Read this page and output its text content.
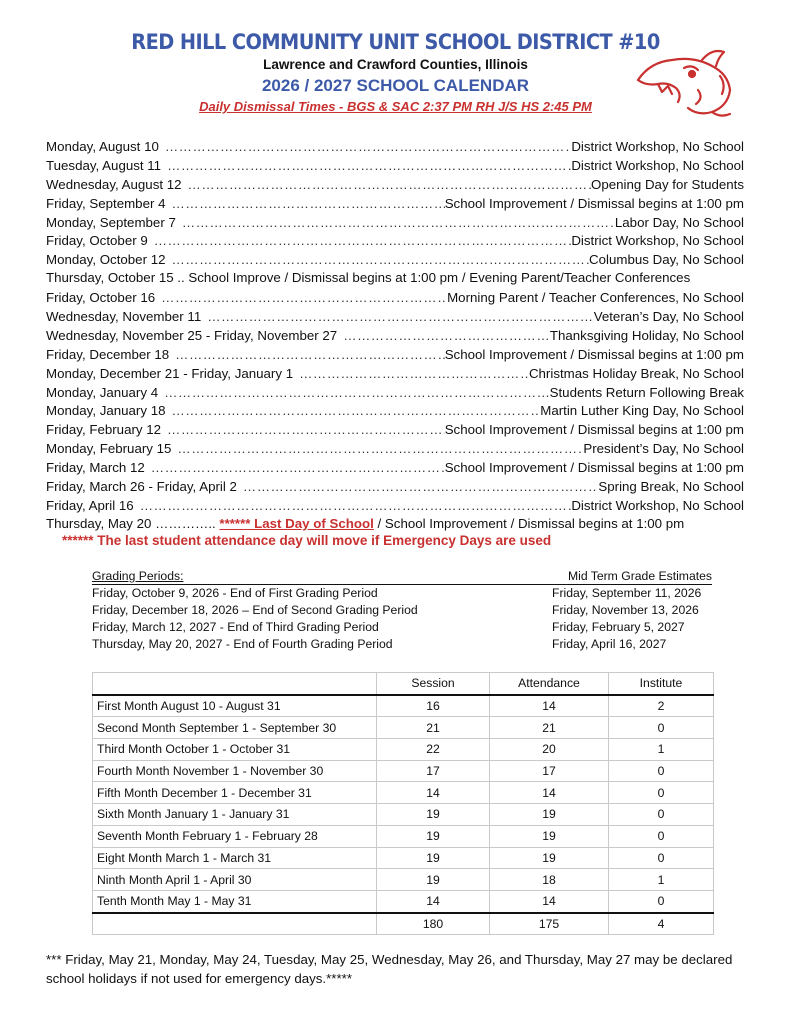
RED HILL COMMUNITY UNIT SCHOOL DISTRICT #10
Lawrence and Crawford Counties, Illinois
2026 / 2027 SCHOOL CALENDAR
Daily Dismissal Times - BGS & SAC 2:37 PM RH J/S HS 2:45 PM
Monday, August 10 ……………………………………………………………………………………………………………………………………………………	District Workshop, No School
Tuesday, August 11 ……………………………………………………………………………………………………………………………………………………	District Workshop, No School
Wednesday, August 12 ……………………………………………………………………………………………………………………………………………………	Opening Day for Students
Friday, September 4 ……………………………………………………………………………………………………………………………………………………	School Improvement / Dismissal begins at 1:00 pm
Monday, September 7 ……………………………………………………………………………………………………………………………………………………	Labor Day, No School
Friday, October 9 ……………………………………………………………………………………………………………………………………………………	District Workshop, No School
Monday, October 12 ……………………………………………………………………………………………………………………………………………………	Columbus Day, No School
Thursday, October 15 .. School Improve / Dismissal begins at 1:00 pm / Evening Parent/Teacher Conferences
Friday, October 16 ……………………………………………………………………………………………………………………………………………………	Morning Parent / Teacher Conferences, No School
Wednesday, November 11 ……………………………………………………………………………………………………………………………………………………	Veteran’s Day, No School
Wednesday, November 25 - Friday, November 27 ……………………………………………………………………………………………………………………………………………………	Thanksgiving Holiday, No School
Friday, December 18 ……………………………………………………………………………………………………………………………………………………	School Improvement / Dismissal begins at 1:00 pm
Monday, December 21 - Friday, January 1 ……………………………………………………………………………………………………………………………………………………	Christmas Holiday Break, No School
Monday, January 4 ……………………………………………………………………………………………………………………………………………………	Students Return Following Break
Monday, January 18 ……………………………………………………………………………………………………………………………………………………	Martin Luther King Day, No School
Friday, February 12 ……………………………………………………………………………………………………………………………………………………	School Improvement / Dismissal begins at 1:00 pm
Monday, February 15 ……………………………………………………………………………………………………………………………………………………	President’s Day, No School
Friday, March 12 ……………………………………………………………………………………………………………………………………………………	School Improvement / Dismissal begins at 1:00 pm
Friday, March 26 - Friday, April 2 ……………………………………………………………………………………………………………………………………………………	Spring Break, No School
Friday, April 16 ……………………………………………………………………………………………………………………………………………………	District Workshop, No School
Thursday, May 20 ………….. ****** Last Day of School / School Improvement / Dismissal begins at 1:00 pm
****** The last student attendance day will move if Emergency Days are used
Grading Periods:	Mid Term Grade Estimates
Friday, October 9, 2026 - End of First Grading Period	Friday, September 11, 2026
Friday, December 18, 2026 – End of Second Grading Period	Friday, November 13, 2026
Friday, March 12, 2027 - End of Third Grading Period	Friday, February 5, 2027
Thursday, May 20, 2027 - End of Fourth Grading Period	Friday, April 16, 2027
	Session	Attendance	Institute
First Month August 10 - August 31	16	14	2
Second Month September 1 - September 30	21	21	0
Third Month October 1 - October 31	22	20	1
Fourth Month November 1 - November 30	17	17	0
Fifth Month December 1 - December 31	14	14	0
Sixth Month January 1 - January 31	19	19	0
Seventh Month February 1 - February 28	19	19	0
Eight Month March 1 - March 31	19	19	0
Ninth Month April 1 - April 30	19	18	1
Tenth Month May 1 - May 31	14	14	0
	180	175	4
*** Friday, May 21, Monday, May 24, Tuesday, May 25, Wednesday, May 26, and Thursday, May 27 may be declared school holidays if not used for emergency days.*****
